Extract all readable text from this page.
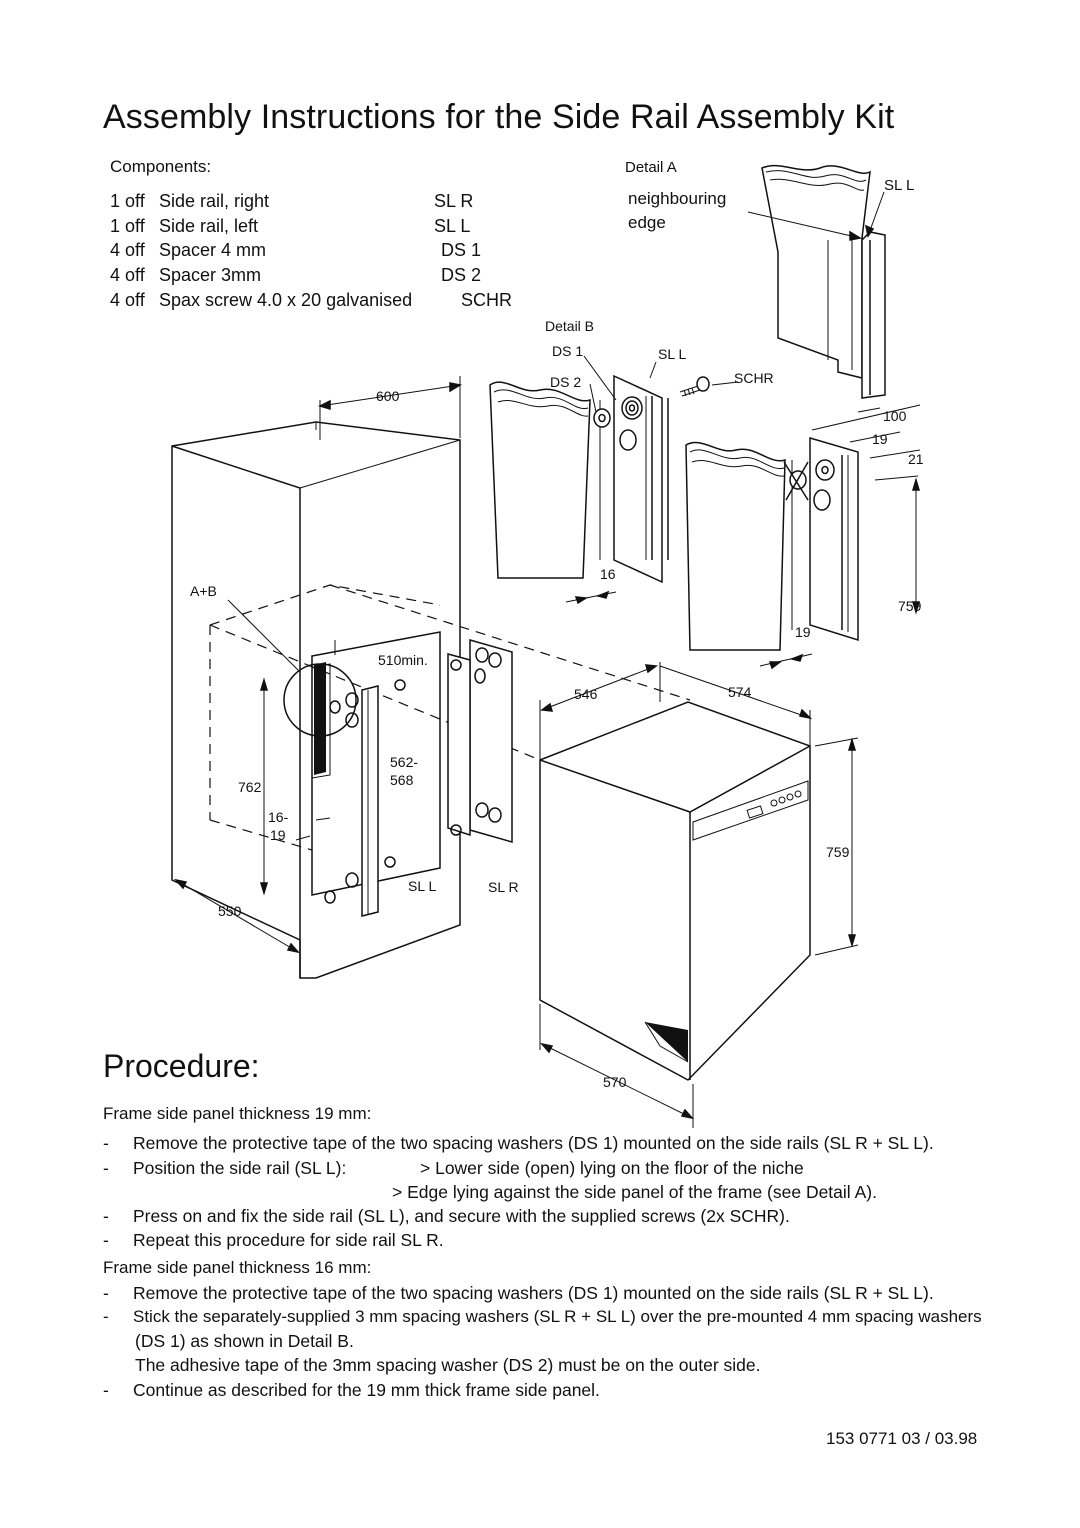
Assembly Instructions for the Side Rail Assembly Kit
Components:
1 off Side rail, right	SL R
1 off Side rail, left	SL L
4 off Spacer 4 mm	DS 1
4 off Spacer 3mm	DS 2
4 off Spax screw 4.0 x 20 galvanised	SCHR
Detail A
neighbouring
edge
SL L
100
19
21
759
Detail B
DS 1
DS 2
SL L
SCHR
16
19
600
A+B
510min.
762
562-
568
16-
19
550
SL L	SL R
546	574
759
570
Procedure:
Frame side panel thickness 19 mm:
- Remove the protective tape of the two spacing washers (DS 1) mounted on the side rails (SL R + SL L).
- Position the side rail (SL L):	> Lower side (open) lying on the floor of the niche
> Edge lying against the side panel of the frame (see Detail A).
- Press on and fix the side rail (SL L), and secure with the supplied screws (2x SCHR).
- Repeat this procedure for side rail SL R.
Frame side panel thickness 16 mm:
- Remove the protective tape of the two spacing washers (DS 1) mounted on the side rails (SL R + SL L).
- Stick the separately-supplied 3 mm spacing washers (SL R + SL L) over the pre-mounted 4 mm spacing washers
(DS 1) as shown in Detail B.
The adhesive tape of the 3mm spacing washer (DS 2) must be on the outer side.
- Continue as described for the 19 mm thick frame side panel.
153 0771 03 / 03.98
